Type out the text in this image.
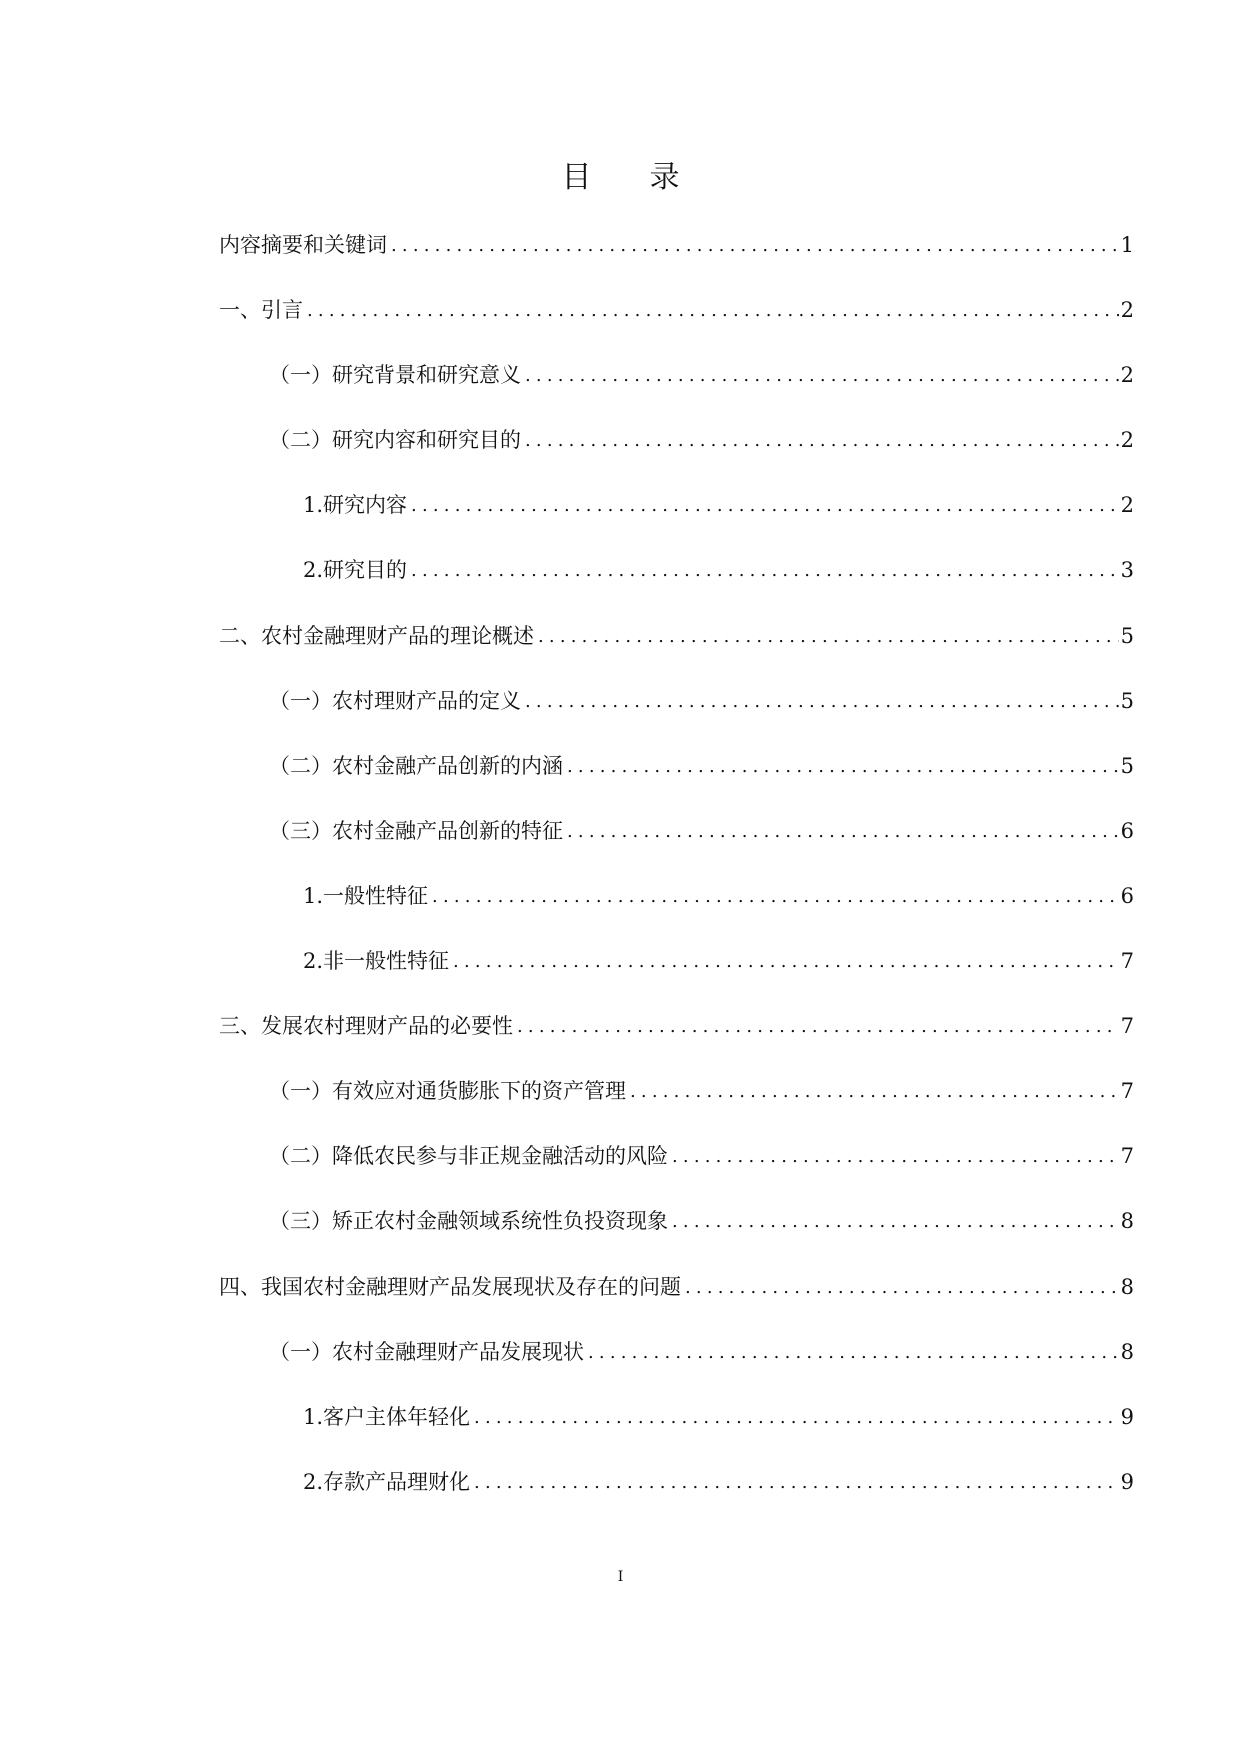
目 录
内容摘要和关键词 .....	1
一、引言 .....	2
（一）研究背景和研究意义 .....	2
（二）研究内容和研究目的 .....	2
1.研究内容 .....	2
2.研究目的 .....	3
二、农村金融理财产品的理论概述 .....	5
（一）农村理财产品的定义 .....	5
（二）农村金融产品创新的内涵 .....	5
（三）农村金融产品创新的特征 .....	6
1.一般性特征 .....	6
2.非一般性特征 .....	7
三、发展农村理财产品的必要性 .....	7
（一）有效应对通货膨胀下的资产管理 .....	7
（二）降低农民参与非正规金融活动的风险 .....	7
（三）矫正农村金融领域系统性负投资现象 .....	8
四、我国农村金融理财产品发展现状及存在的问题 .....	8
（一）农村金融理财产品发展现状 .....	8
1.客户主体年轻化 .....	9
2.存款产品理财化 .....	9
I
